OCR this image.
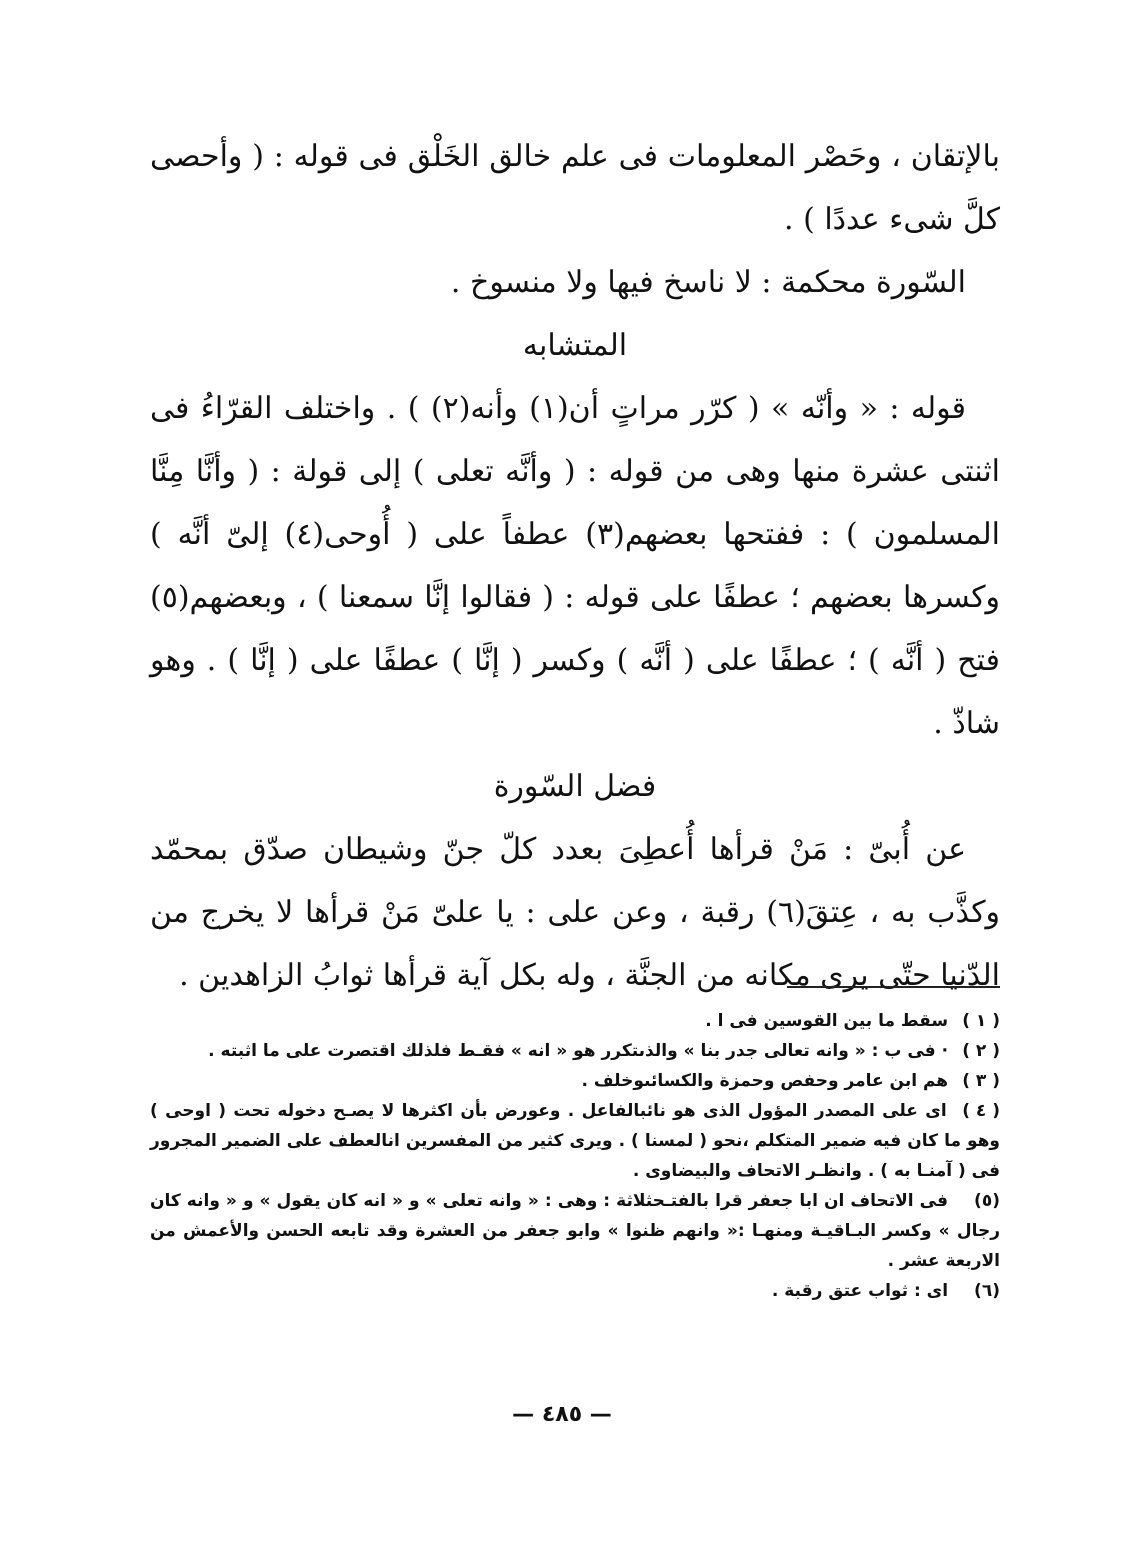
بالإتقان ، وحَصْر المعلومات فى علم خالق الخَلْق فى قوله : ( وأحصى كلَّ شىء عددًا ) .

السّورة محكمة : لا ناسخ فيها ولا منسوخ .

المتشابه

قوله : « وأنّه » ( كرّر مراتٍ أن(١) وأنه(٢) ) . واختلف القرّاءُ فى اثنتى عشرة منها وهى من قوله : ( وأنَّه تعلى ) إلى قولة : ( وأنَّا مِنَّا المسلمون ) : ففتحها بعضهم(٣) عطفاً على ( أُوحى(٤) إلىّ أنَّه ) وكسرها بعضهم ؛ عطفًا على قوله : ( فقالوا إنَّا سمعنا ) ، وبعضهم(٥) فتح ( أنَّه ) ؛ عطفًا على ( أنَّه ) وكسر ( إنَّا ) عطفًا على ( إنَّا ) . وهو شاذّ .

فضل السّورة

عن أُبىّ : مَنْ قرأها أُعطِىَ بعدد كلّ جنّ وشيطان صدّق بمحمّد وكذَّب به ، عِتقَ(٦) رقبة ، وعن على : يا علىّ مَنْ قرأها لا يخرج من الدّنيا حتّى يرى مكانه من الجنَّة ، وله بكل آية قرأها ثوابُ الزاهدين .

( ١ ) سقط ما بين القوسين فى ا .

( ٢ ) · فى ب : « وانه تعالى جدر بنا » والذىتكرر هو « انه » فقـط فلذلك اقتصرت على ما اثبته .

( ٣ ) هم ابن عامر وحفص وحمزة والكسائىوخلف .

( ٤ ) اى على المصدر المؤول الذى هو نائبالفاعل . وعورض بأن اكثرها لا يصـح دخوله تحت ( اوحى ) وهو ما كان فيه ضمير المتكلم ،نحو ( لمسنا ) . ويرى كثير من المفسرين انالعطف على الضمير المجرور فى ( آمنـا به ) . وانظـر الاتحاف والبيضاوى .

(٥) فى الاتحاف ان ابا جعفر قرا بالفتـحثلاثة : وهى : « وانه تعلى » و « انه كان يقول » و « وانه كان رجال » وكسر البـاقيـة ومنهـا :« وانهم ظنوا » وابو جعفر من العشرة وقد تابعه الحسن والأعمش من الاربعة عشر .

(٦) اى : ثواب عتق رقبة .

— ٤٨٥ —
